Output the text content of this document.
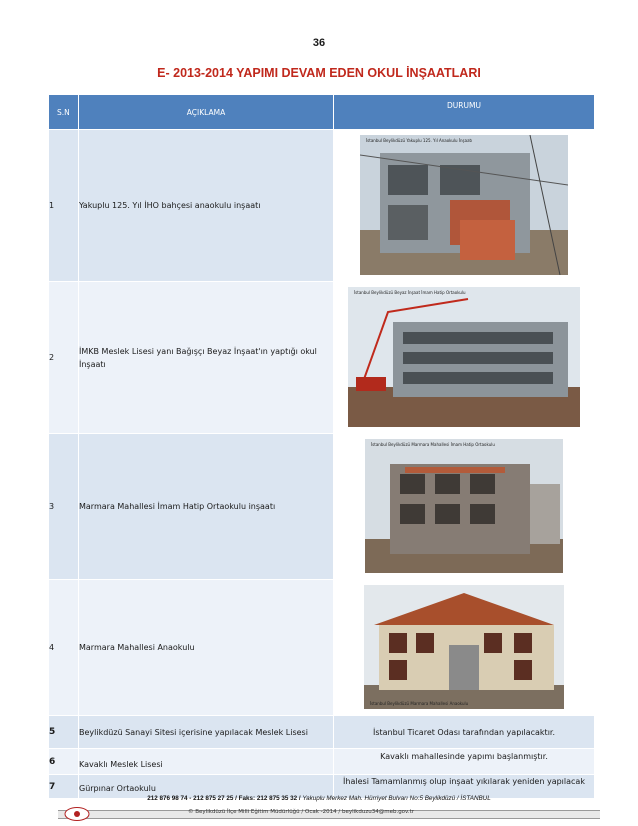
36
E- 2013-2014 YAPIMI DEVAM EDEN OKUL İNŞAATLARI
S.N	AÇIKLAMA	DURUMU
1	Yakuplu 125. Yıl İHO bahçesi anaokulu inşaatı	İstanbul Beylikdüzü Yakuplu 125. Yıl Anaokulu İnşaatı

2	İMKB Meslek Lisesi yanı Bağışçı Beyaz İnşaat'ın yaptığı okul İnşaatı	İstanbul Beylikdüzü Beyaz İnşaat İmam Hatip Ortaokulu

3	Marmara Mahallesi İmam Hatip Ortaokulu inşaatı	İstanbul Beylikdüzü Marmara Mahallesi İmam Hatip Ortaokulu

4	Marmara Mahallesi Anaokulu	İstanbul Beylikdüzü Marmara Mahallesi Anaokulu

5	Beylikdüzü Sanayi Sitesi içerisine yapılacak Meslek Lisesi	İstanbul Ticaret Odası tarafından yapılacaktır.
6	Kavaklı Meslek Lisesi	Kavaklı mahallesinde yapımı başlanmıştır.
7	Gürpınar Ortaokulu	İhalesi Tamamlanmış olup inşaat yıkılarak yeniden yapılacak
212 876 98 74 - 212 875 27 25 / Faks: 212 875 35 32 / Yakuplu Merkez Mah. Hürriyet Bulvarı No:5 Beylikdüzü / İSTANBUL
© Beylikdüzü İlçe Milli Eğitim Müdürlüğü / Ocak -2014 / beylikduzu34@meb.gov.tr
